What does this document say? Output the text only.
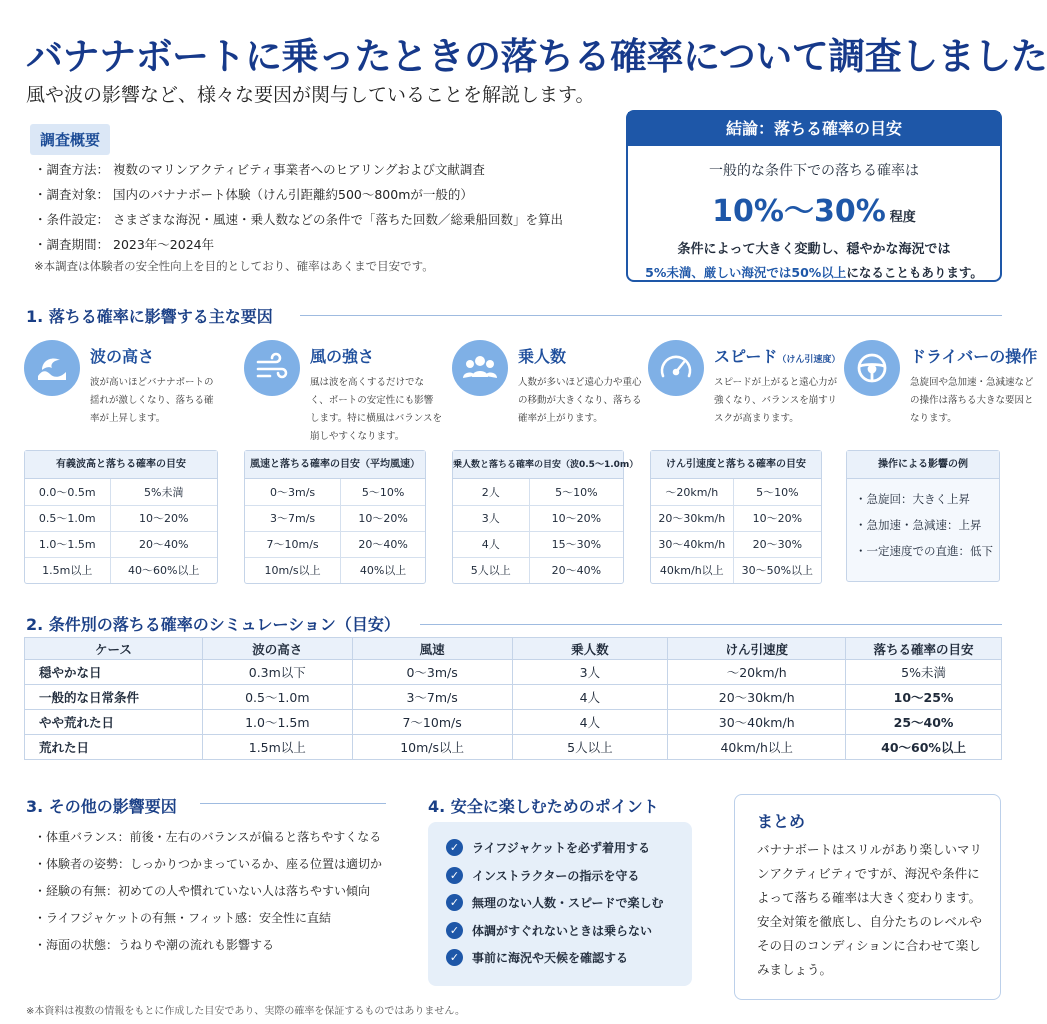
バナナボートに乗ったときの落ちる確率について調査しました
風や波の影響など、様々な要因が関与していることを解説します。
調査概要
・ 調査方法： 複数のマリンアクティビティ事業者へのヒアリングおよび文献調査
・ 調査対象： 国内のバナナボート体験（けん引距離約500〜800mが一般的）
・ 条件設定： さまざまな海況・風速・乗人数などの条件で「落ちた回数／総乗船回数」を算出
・ 調査期間： 2023年〜2024年
※本調査は体験者の安全性向上を目的としており、確率はあくまで目安です。
結論：落ちる確率の目安
一般的な条件下での落ちる確率は
10%〜30% 程度
条件によって大きく変動し、穏やかな海況では
5%未満、厳しい海況では50%以上になることもあります。
1. 落ちる確率に影響する主な要因
波の高さ
波が高いほどバナナボートの揺れが激しくなり、落ちる確率が上昇します。
風の強さ
風は波を高くするだけでなく、ボートの安定性にも影響します。特に横風はバランスを崩しやすくなります。
乗人数
人数が多いほど遠心力や重心の移動が大きくなり、落ちる確率が上がります。
スピード（けん引速度）
スピードが上がると遠心力が強くなり、バランスを崩すリスクが高まります。
ドライバーの操作
急旋回や急加速・急減速などの操作は落ちる大きな要因となります。
有義波高と落ちる確率の目安
0.0〜0.5m	5%未満
0.5〜1.0m	10〜20%
1.0〜1.5m	20〜40%
1.5m以上	40〜60%以上
風速と落ちる確率の目安（平均風速）
0〜3m/s	5〜10%
3〜7m/s	10〜20%
7〜10m/s	20〜40%
10m/s以上	40%以上
乗人数と落ちる確率の目安（波0.5〜1.0m）
2人	5〜10%
3人	10〜20%
4人	15〜30%
5人以上	20〜40%
けん引速度と落ちる確率の目安
〜20km/h	5〜10%
20〜30km/h	10〜20%
30〜40km/h	20〜30%
40km/h以上	30〜50%以上
操作による影響の例
・ 急旋回：大きく上昇
・ 急加速・急減速：上昇
・ 一定速度での直進：低下
2. 条件別の落ちる確率のシミュレーション（目安）
ケース	波の高さ	風速	乗人数	けん引速度	落ちる確率の目安
穏やかな日	0.3m以下	0〜3m/s	3人	〜20km/h	5%未満
一般的な日常条件	0.5〜1.0m	3〜7m/s	4人	20〜30km/h	10〜25%
やや荒れた日	1.0〜1.5m	7〜10m/s	4人	30〜40km/h	25〜40%
荒れた日	1.5m以上	10m/s以上	5人以上	40km/h以上	40〜60%以上
3. その他の影響要因
・ 体重バランス：前後・左右のバランスが偏ると落ちやすくなる
・ 体験者の姿勢：しっかりつかまっているか、座る位置は適切か
・ 経験の有無：初めての人や慣れていない人は落ちやすい傾向
・ ライフジャケットの有無・フィット感：安全性に直結
・ 海面の状態：うねりや潮の流れも影響する
4. 安全に楽しむためのポイント
✓	ライフジャケットを必ず着用する
✓	インストラクターの指示を守る
✓	無理のない人数・スピードで楽しむ
✓	体調がすぐれないときは乗らない
✓	事前に海況や天候を確認する
まとめ
バナナボートはスリルがあり楽しいマリンアクティビティですが、海況や条件によって落ちる確率は大きく変わります。安全対策を徹底し、自分たちのレベルやその日のコンディションに合わせて楽しみましょう。
※本資料は複数の情報をもとに作成した目安であり、実際の確率を保証するものではありません。
